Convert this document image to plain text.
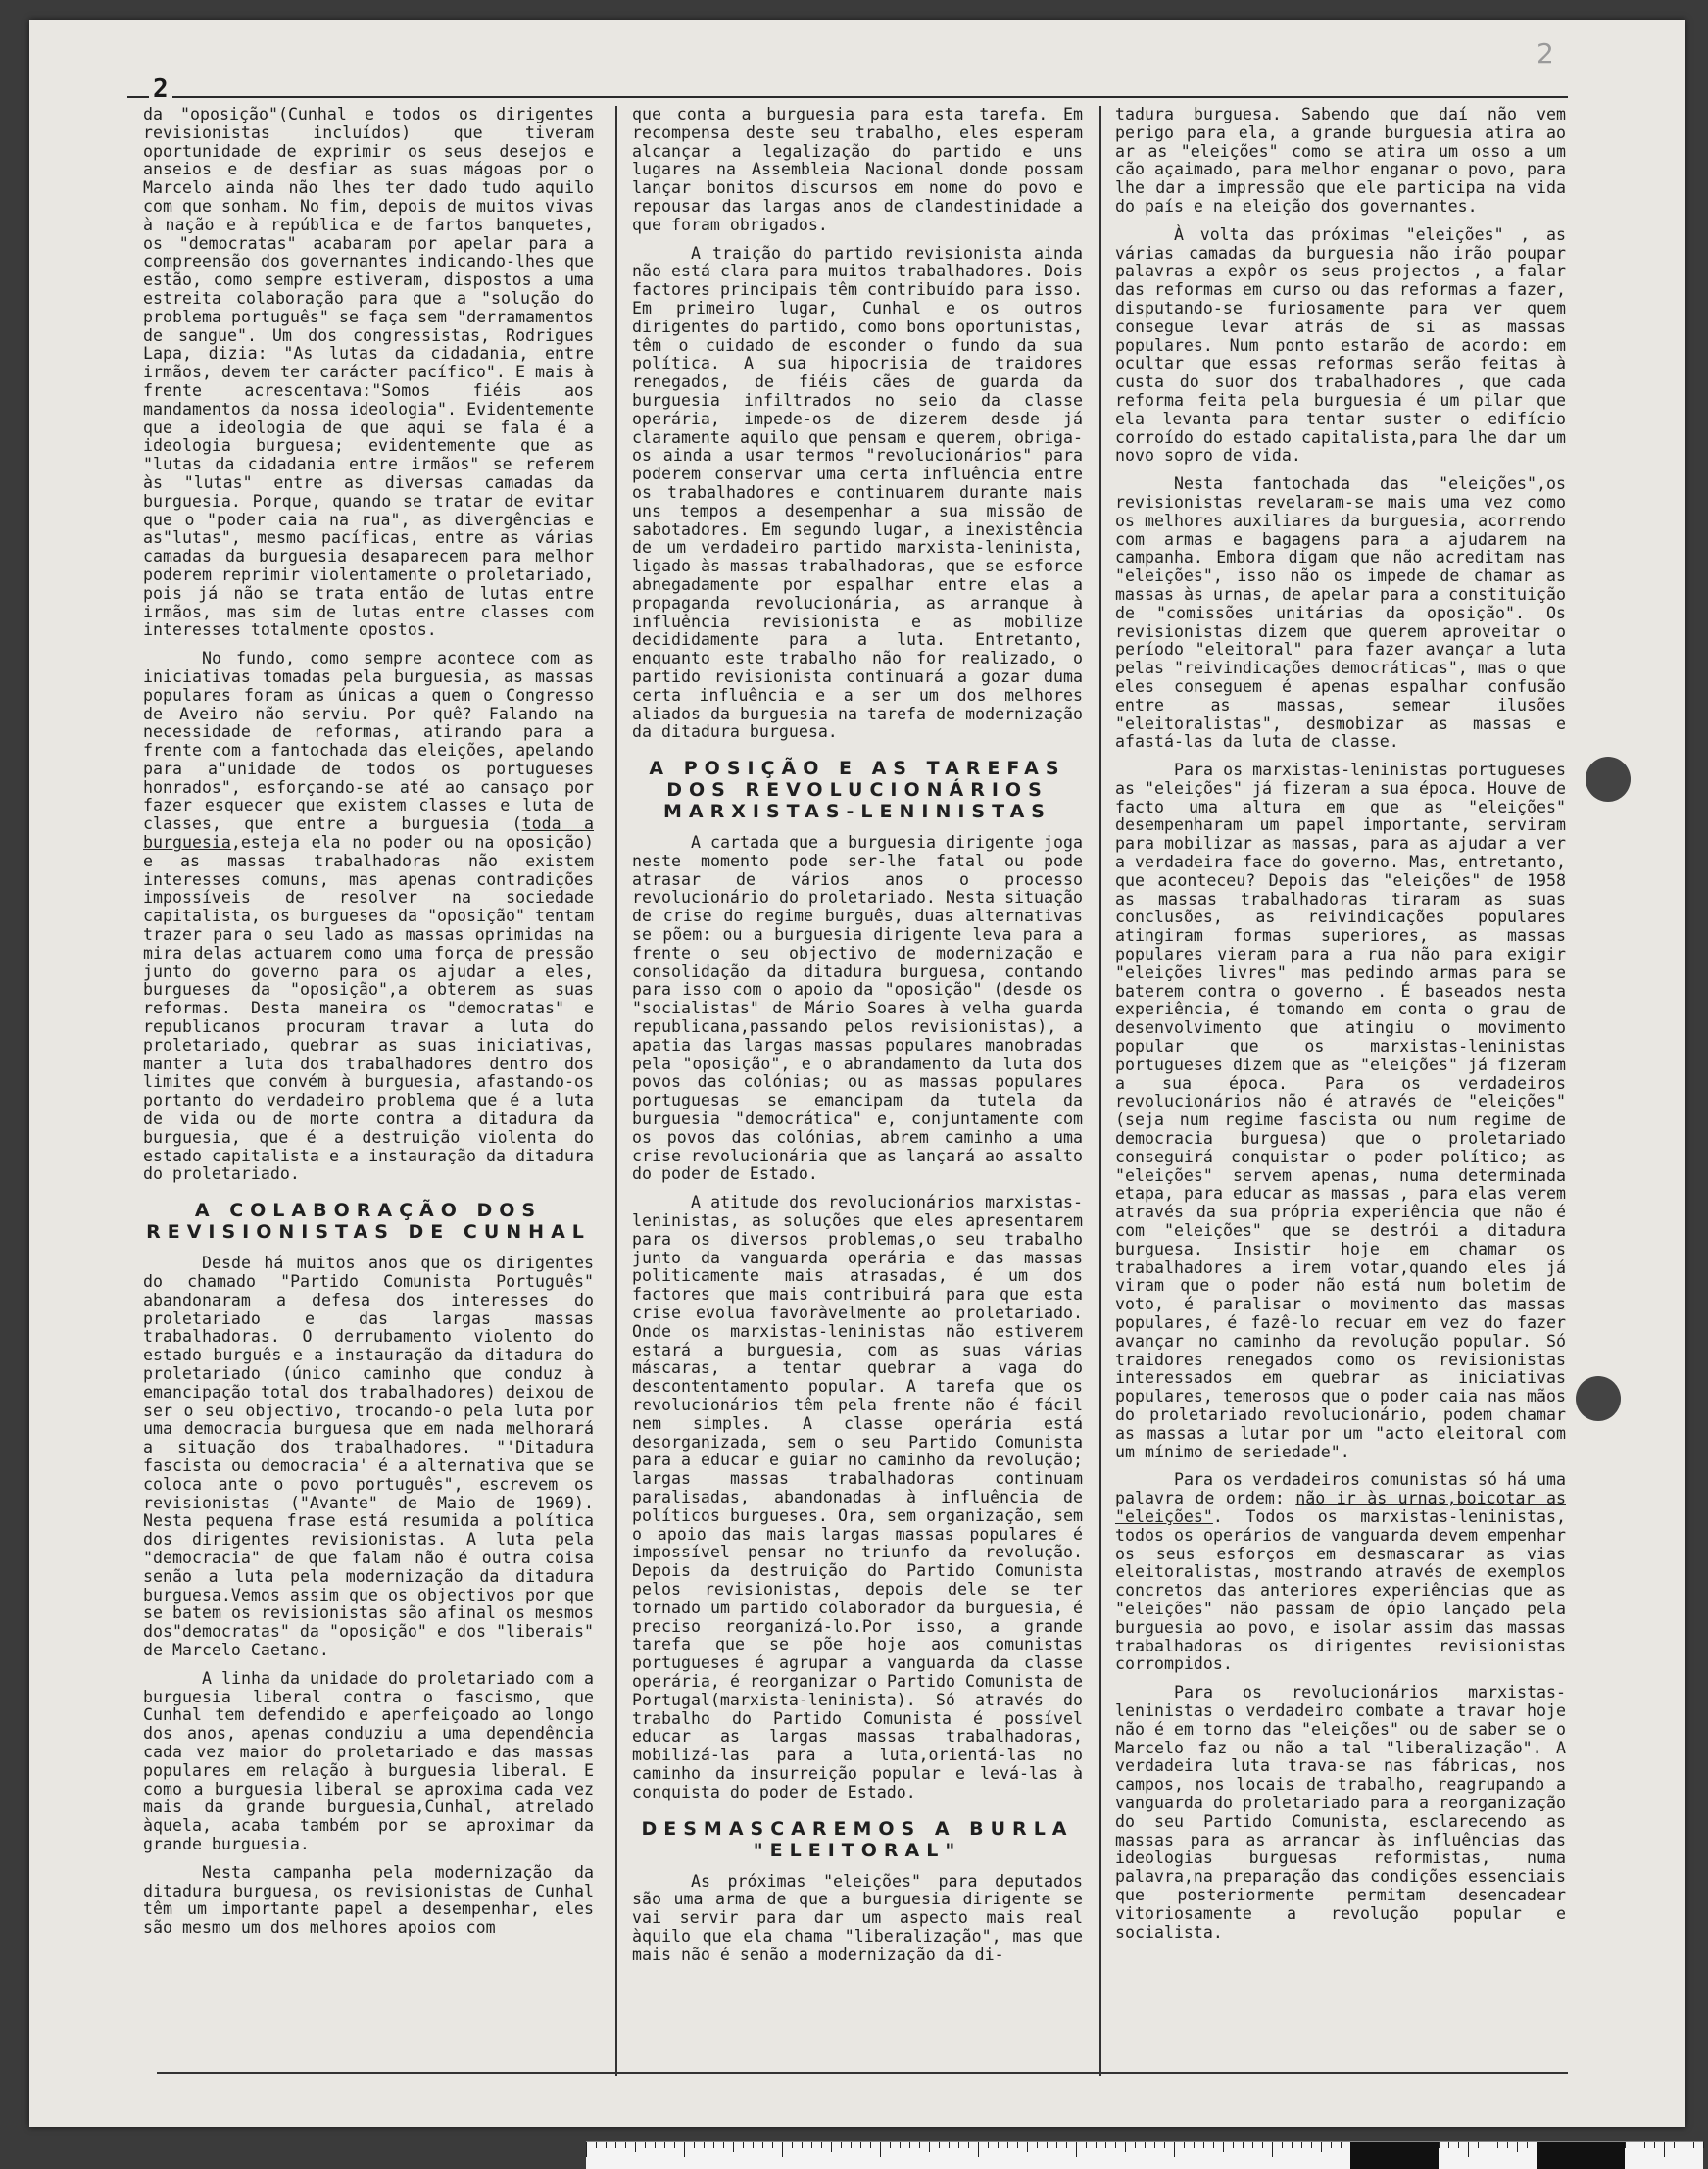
2
2

da "oposição"(Cunhal e todos os dirigentes revisionistas incluídos) que tiveram oportunidade de exprimir os seus desejos e anseios e de desfiar as suas mágoas por o Marcelo ainda não lhes ter dado tudo aquilo com que sonham. No fim, depois de muitos vivas à nação e à república e de fartos banquetes, os "democratas" acabaram por apelar para a compreensão dos governantes indicando-lhes que estão, como sempre estiveram, dispostos a uma estreita colaboração para que a "solução do problema português" se faça sem "derramamentos de sangue". Um dos congressistas, Rodrigues Lapa, dizia: "As lutas da cidadania, entre irmãos, devem ter carácter pacífico". E mais à frente acrescentava:"Somos fiéis aos mandamentos da nossa ideologia". Evidentemente que a ideologia de que aqui se fala é a ideologia burguesa; evidentemente que as "lutas da cidadania entre irmãos" se referem às "lutas" entre as diversas camadas da burguesia. Porque, quando se tratar de evitar que o "poder caia na rua", as divergências e as"lutas", mesmo pacíficas, entre as várias camadas da burguesia desaparecem para melhor poderem reprimir violentamente o proletariado, pois já não se trata então de lutas entre irmãos, mas sim de lutas entre classes com interesses totalmente opostos.

No fundo, como sempre acontece com as iniciativas tomadas pela burguesia, as massas populares foram as únicas a quem o Congresso de Aveiro não serviu. Por quê? Falando na necessidade de reformas, atirando para a frente com a fantochada das eleições, apelando para a"unidade de todos os portugueses honrados", esforçando-se até ao cansaço por fazer esquecer que existem classes e luta de classes, que entre a burguesia (toda a burguesia,esteja ela no poder ou na oposição) e as massas trabalhadoras não existem interesses comuns, mas apenas contradições impossíveis de resolver na sociedade capitalista, os burgueses da "oposição" tentam trazer para o seu lado as massas oprimidas na mira delas actuarem como uma força de pressão junto do governo para os ajudar a eles, burgueses da "oposição",a obterem as suas reformas. Desta maneira os "democratas" e republicanos procuram travar a luta do proletariado, quebrar as suas iniciativas, manter a luta dos trabalhadores dentro dos limites que convém à burguesia, afastando-os portanto do verdadeiro problema que é a luta de vida ou de morte contra a ditadura da burguesia, que é a destruição violenta do estado capitalista e a instauração da ditadura do proletariado.

A COLABORAÇÃO DOS REVISIONISTAS DE CUNHAL

Desde há muitos anos que os dirigentes do chamado "Partido Comunista Português" abandonaram a defesa dos interesses do proletariado e das largas massas trabalhadoras. O derrubamento violento do estado burguês e a instauração da ditadura do proletariado (único caminho que conduz à emancipação total dos trabalhadores) deixou de ser o seu objectivo, trocando-o pela luta por uma democracia burguesa que em nada melhorará a situação dos trabalhadores. "'Ditadura fascista ou democracia' é a alternativa que se coloca ante o povo português", escrevem os revisionistas ("Avante" de Maio de 1969). Nesta pequena frase está resumida a política dos dirigentes revisionistas. A luta pela "democracia" de que falam não é outra coisa senão a luta pela modernização da ditadura burguesa.Vemos assim que os objectivos por que se batem os revisionistas são afinal os mesmos dos"democratas" da "oposição" e dos "liberais" de Marcelo Caetano.

A linha da unidade do proletariado com a burguesia liberal contra o fascismo, que Cunhal tem defendido e aperfeiçoado ao longo dos anos, apenas conduziu a uma dependência cada vez maior do proletariado e das massas populares em relação à burguesia liberal. E como a burguesia liberal se aproxima cada vez mais da grande burguesia,Cunhal, atrelado àquela, acaba também por se aproximar da grande burguesia.

Nesta campanha pela modernização da ditadura burguesa, os revisionistas de Cunhal têm um importante papel a desempenhar, eles são mesmo um dos melhores apoios com

que conta a burguesia para esta tarefa. Em recompensa deste seu trabalho, eles esperam alcançar a legalização do partido e uns lugares na Assembleia Nacional donde possam lançar bonitos discursos em nome do povo e repousar das largas anos de clandestinidade a que foram obrigados.

A traição do partido revisionista ainda não está clara para muitos trabalhadores. Dois factores principais têm contribuído para isso. Em primeiro lugar, Cunhal e os outros dirigentes do partido, como bons oportunistas, têm o cuidado de esconder o fundo da sua política. A sua hipocrisia de traidores renegados, de fiéis cães de guarda da burguesia infiltrados no seio da classe operária, impede-os de dizerem desde já claramente aquilo que pensam e querem, obriga-os ainda a usar termos "revolucionários" para poderem conservar uma certa influência entre os trabalhadores e continuarem durante mais uns tempos a desempenhar a sua missão de sabotadores. Em segundo lugar, a inexistência de um verdadeiro partido marxista-leninista, ligado às massas trabalhadoras, que se esforce abnegadamente por espalhar entre elas a propaganda revolucionária, as arranque à influência revisionista e as mobilize decididamente para a luta. Entretanto, enquanto este trabalho não for realizado, o partido revisionista continuará a gozar duma certa influência e a ser um dos melhores aliados da burguesia na tarefa de modernização da ditadura burguesa.

A POSIÇÃO E AS TAREFAS DOS REVOLUCIONÁRIOS MARXISTAS-LENINISTAS

A cartada que a burguesia dirigente joga neste momento pode ser-lhe fatal ou pode atrasar de vários anos o processo revolucionário do proletariado. Nesta situação de crise do regime burguês, duas alternativas se põem: ou a burguesia dirigente leva para a frente o seu objectivo de modernização e consolidação da ditadura burguesa, contando para isso com o apoio da "oposição" (desde os "socialistas" de Mário Soares à velha guarda republicana,passando pelos revisionistas), a apatia das largas massas populares manobradas pela "oposição", e o abrandamento da luta dos povos das colónias; ou as massas populares portuguesas se emancipam da tutela da burguesia "democrática" e, conjuntamente com os povos das colónias, abrem caminho a uma crise revolucionária que as lançará ao assalto do poder de Estado.

A atitude dos revolucionários marxistas-leninistas, as soluções que eles apresentarem para os diversos problemas,o seu trabalho junto da vanguarda operária e das massas politicamente mais atrasadas, é um dos factores que mais contribuirá para que esta crise evolua favoràvelmente ao proletariado. Onde os marxistas-leninistas não estiverem estará a burguesia, com as suas várias máscaras, a tentar quebrar a vaga do descontentamento popular. A tarefa que os revolucionários têm pela frente não é fácil nem simples. A classe operária está desorganizada, sem o seu Partido Comunista para a educar e guiar no caminho da revolução; largas massas trabalhadoras continuam paralisadas, abandonadas à influência de políticos burgueses. Ora, sem organização, sem o apoio das mais largas massas populares é impossível pensar no triunfo da revolução. Depois da destruição do Partido Comunista pelos revisionistas, depois dele se ter tornado um partido colaborador da burguesia, é preciso reorganizá-lo.Por isso, a grande tarefa que se põe hoje aos comunistas portugueses é agrupar a vanguarda da classe operária, é reorganizar o Partido Comunista de Portugal(marxista-leninista). Só através do trabalho do Partido Comunista é possível educar as largas massas trabalhadoras, mobilizá-las para a luta,orientá-las no caminho da insurreição popular e levá-las à conquista do poder de Estado.

DESMASCAREMOS A BURLA "ELEITORAL"

As próximas "eleições" para deputados são uma arma de que a burguesia dirigente se vai servir para dar um aspecto mais real àquilo que ela chama "liberalização", mas que mais não é senão a modernização da di-

tadura burguesa. Sabendo que daí não vem perigo para ela, a grande burguesia atira ao ar as "eleições" como se atira um osso a um cão açaimado, para melhor enganar o povo, para lhe dar a impressão que ele participa na vida do país e na eleição dos governantes.

À volta das próximas "eleições" , as várias camadas da burguesia não irão poupar palavras a expôr os seus projectos , a falar das reformas em curso ou das reformas a fazer, disputando-se furiosamente para ver quem consegue levar atrás de si as massas populares. Num ponto estarão de acordo: em ocultar que essas reformas serão feitas à custa do suor dos trabalhadores , que cada reforma feita pela burguesia é um pilar que ela levanta para tentar suster o edifício corroído do estado capitalista,para lhe dar um novo sopro de vida.

Nesta fantochada das "eleições",os revisionistas revelaram-se mais uma vez como os melhores auxiliares da burguesia, acorrendo com armas e bagagens para a ajudarem na campanha. Embora digam que não acreditam nas "eleições", isso não os impede de chamar as massas às urnas, de apelar para a constituição de "comissões unitárias da oposição". Os revisionistas dizem que querem aproveitar o período "eleitoral" para fazer avançar a luta pelas "reivindicações democráticas", mas o que eles conseguem é apenas espalhar confusão entre as massas, semear ilusões "eleitoralistas", desmobizar as massas e afastá-las da luta de classe.

Para os marxistas-leninistas portugueses as "eleições" já fizeram a sua época. Houve de facto uma altura em que as "eleições" desempenharam um papel importante, serviram para mobilizar as massas, para as ajudar a ver a verdadeira face do governo. Mas, entretanto, que aconteceu? Depois das "eleições" de 1958 as massas trabalhadoras tiraram as suas conclusões, as reivindicações populares atingiram formas superiores, as massas populares vieram para a rua não para exigir "eleições livres" mas pedindo armas para se baterem contra o governo . É baseados nesta experiência, é tomando em conta o grau de desenvolvimento que atingiu o movimento popular que os marxistas-leninistas portugueses dizem que as "eleições" já fizeram a sua época. Para os verdadeiros revolucionários não é através de "eleições"(seja num regime fascista ou num regime de democracia burguesa) que o proletariado conseguirá conquistar o poder político; as "eleições" servem apenas, numa determinada etapa, para educar as massas , para elas verem através da sua própria experiência que não é com "eleições" que se destrói a ditadura burguesa. Insistir hoje em chamar os trabalhadores a irem votar,quando eles já viram que o poder não está num boletim de voto, é paralisar o movimento das massas populares, é fazê-lo recuar em vez do fazer avançar no caminho da revolução popular. Só traidores renegados como os revisionistas interessados em quebrar as iniciativas populares, temerosos que o poder caia nas mãos do proletariado revolucionário, podem chamar as massas a lutar por um "acto eleitoral com um mínimo de seriedade".

Para os verdadeiros comunistas só há uma palavra de ordem: não ir às urnas,boicotar as "eleições". Todos os marxistas-leninistas, todos os operários de vanguarda devem empenhar os seus esforços em desmascarar as vias eleitoralistas, mostrando através de exemplos concretos das anteriores experiências que as "eleições" não passam de ópio lançado pela burguesia ao povo, e isolar assim das massas trabalhadoras os dirigentes revisionistas corrompidos.

Para os revolucionários marxistas-leninistas o verdadeiro combate a travar hoje não é em torno das "eleições" ou de saber se o Marcelo faz ou não a tal "liberalização". A verdadeira luta trava-se nas fábricas, nos campos, nos locais de trabalho, reagrupando a vanguarda do proletariado para a reorganização do seu Partido Comunista, esclarecendo as massas para as arrancar às influências das ideologias burguesas reformistas, numa palavra,na preparação das condições essenciais que posteriormente permitam desencadear vitoriosamente a revolução popular e socialista.
